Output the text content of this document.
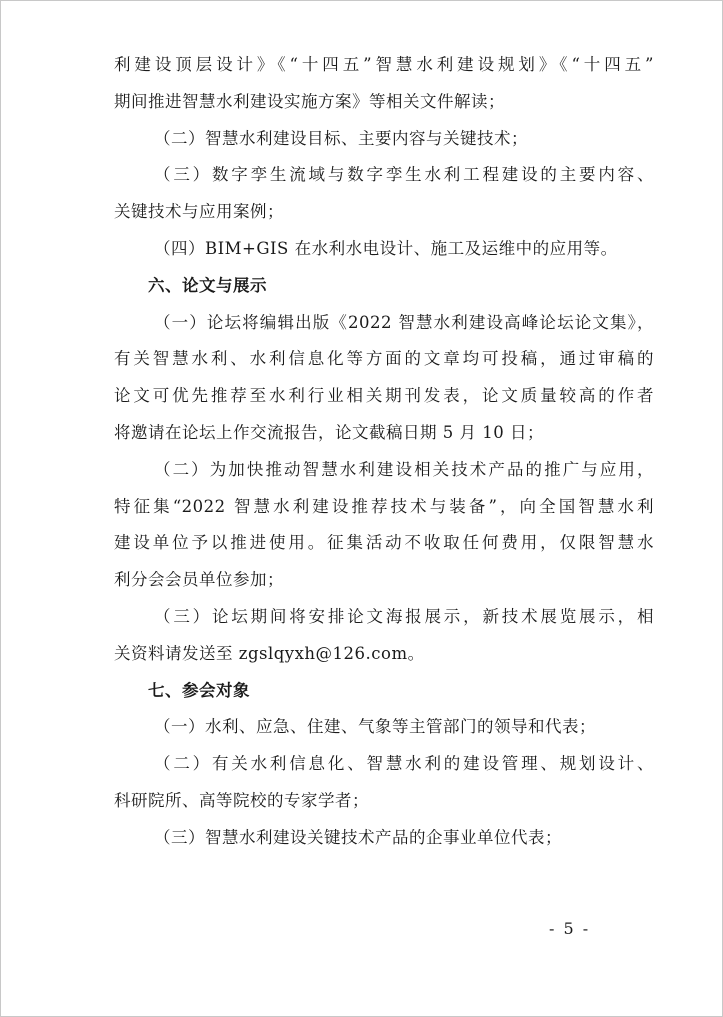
利建设顶层设计》《“十四五”智慧水利建设规划》《“十四五”
期间推进智慧水利建设实施方案》等相关文件解读；
（二）智慧水利建设目标、主要内容与关键技术；
（三）数字孪生流域与数字孪生水利工程建设的主要内容、
关键技术与应用案例；
（四）BIM+GIS 在水利水电设计、施工及运维中的应用等。
六、论文与展示
（一）论坛将编辑出版《2022 智慧水利建设高峰论坛论文集》，
有关智慧水利、水利信息化等方面的文章均可投稿，通过审稿的
论文可优先推荐至水利行业相关期刊发表，论文质量较高的作者
将邀请在论坛上作交流报告，论文截稿日期 5 月 10 日；
（二）为加快推动智慧水利建设相关技术产品的推广与应用，
特征集“2022 智慧水利建设推荐技术与装备”，向全国智慧水利
建设单位予以推进使用。征集活动不收取任何费用，仅限智慧水
利分会会员单位参加；
（三）论坛期间将安排论文海报展示，新技术展览展示，相
关资料请发送至 zgslqyxh@126.com。
七、参会对象
（一）水利、应急、住建、气象等主管部门的领导和代表；
（二）有关水利信息化、智慧水利的建设管理、规划设计、
科研院所、高等院校的专家学者；
（三）智慧水利建设关键技术产品的企事业单位代表；
- 5 -
